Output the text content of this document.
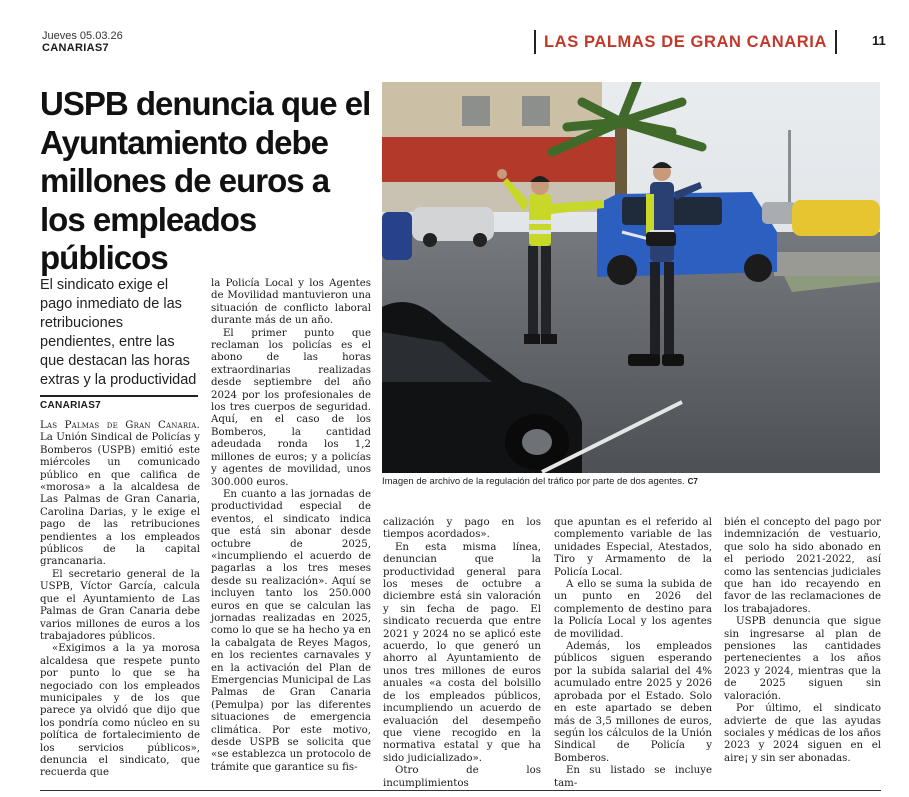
Jueves 05.03.26
CANARIAS7	LAS PALMAS DE GRAN CANARIA	11
USPB denuncia que el Ayuntamiento debe millones de euros a los empleados públicos
El sindicato exige el pago inmediato de las retribuciones pendientes, entre las que destacan las horas extras y la productividad
CANARIAS7

Las Palmas de Gran Canaria. La Unión Sindical de Policías y Bomberos (USPB) emitió este miércoles un comunicado público en que califica de «morosa» a la alcaldesa de Las Palmas de Gran Canaria, Carolina Darias, y le exige el pago de las retribuciones pendientes a los empleados públicos de la capital grancanaria.

El secretario general de la USPB, Víctor García, calcula que el Ayuntamiento de Las Palmas de Gran Canaria debe varios millones de euros a los trabajadores públicos.

«Exigimos a la ya morosa alcaldesa que respete punto por punto lo que se ha negociado con los empleados municipales y de los que parece ya olvidó que dijo que los pondría como núcleo en su política de fortalecimiento de los servicios públicos», denuncia el sindicato, que recuerda que

la Policía Local y los Agentes de Movilidad mantuvieron una situación de conflicto laboral durante más de un año.

El primer punto que reclaman los policías es el abono de las horas extraordinarias realizadas desde septiembre del año 2024 por los profesionales de los tres cuerpos de seguridad. Aquí, en el caso de los Bomberos, la cantidad adeudada ronda los 1,2 millones de euros; y a policías y agentes de movilidad, unos 300.000 euros.

En cuanto a las jornadas de productividad especial de eventos, el sindicato indica que está sin abonar desde octubre de 2025, «incumpliendo el acuerdo de pagarlas a los tres meses desde su realización». Aquí se incluyen tanto los 250.000 euros en que se calculan las jornadas realizadas en 2025, como lo que se ha hecho ya en la cabalgata de Reyes Magos, en los recientes carnavales y en la activación del Plan de Emergencias Municipal de Las Palmas de Gran Canaria (Pemulpa) por las diferentes situaciones de emergencia climática. Por este motivo, desde USPB se solicita que «se establezca un protocolo de trámite que garantice su fis-

Imagen de archivo de la regulación del tráfico por parte de dos agentes. C7

calización y pago en los tiempos acordados».

En esta misma línea, denuncian que la productividad general para los meses de octubre a diciembre está sin valoración y sin fecha de pago. El sindicato recuerda que entre 2021 y 2024 no se aplicó este acuerdo, lo que generó un ahorro al Ayuntamiento de unos tres millones de euros anuales «a costa del bolsillo de los empleados públicos, incumpliendo un acuerdo de evaluación del desempeño que viene recogido en la normativa estatal y que ha sido judicializado».

Otro de los incumplimientos

que apuntan es el referido al complemento variable de las unidades Especial, Atestados, Tiro y Armamento de la Policía Local.

A ello se suma la subida de un punto en 2026 del complemento de destino para la Policía Local y los agentes de movilidad.

Además, los empleados públicos siguen esperando por la subida salarial del 4% acumulado entre 2025 y 2026 aprobada por el Estado. Solo en este apartado se deben más de 3,5 millones de euros, según los cálculos de la Unión Sindical de Policía y Bomberos.

En su listado se incluye tam-

bién el concepto del pago por indemnización de vestuario, que solo ha sido abonado en el periodo 2021-2022, así como las sentencias judiciales que han ido recayendo en favor de las reclamaciones de los trabajadores.

USPB denuncia que sigue sin ingresarse al plan de pensiones las cantidades pertenecientes a los años 2023 y 2024, mientras que la de 2025 siguen sin valoración.

Por último, el sindicato advierte de que las ayudas sociales y médicas de los años 2023 y 2024 siguen en el aire¡ y sin ser abonadas.
